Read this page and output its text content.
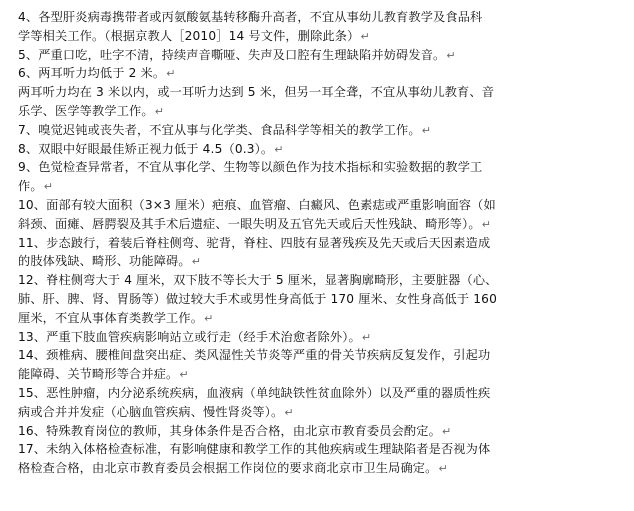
4、各型肝炎病毒携带者或丙氨酸氨基转移酶升高者，不宜从事幼儿教育教学及食品科
学等相关工作。（根据京教人［2010］14 号文件，删除此条）↵
5、严重口吃，吐字不清，持续声音嘶哑、失声及口腔有生理缺陷并妨碍发音。↵
6、两耳听力均低于 2 米。↵
两耳听力均在 3 米以内，或一耳听力达到 5 米，但另一耳全聋，不宜从事幼儿教育、音
乐学、医学等教学工作。↵
7、嗅觉迟钝或丧失者，不宜从事与化学类、食品科学等相关的教学工作。↵
8、双眼中好眼最佳矫正视力低于 4.5（0.3）。↵
9、色觉检查异常者，不宜从事化学、生物等以颜色作为技术指标和实验数据的教学工
作。↵
10、面部有较大面积（3×3 厘米）疤痕、血管瘤、白癜风、色素痣或严重影响面容（如
斜颈、面瘫、唇腭裂及其手术后遗症、一眼失明及五官先天或后天性残缺、畸形等）。↵
11、步态跛行，着装后脊柱侧弯、驼背，脊柱、四肢有显著残疾及先天或后天因素造成
的肢体残缺、畸形、功能障碍。↵
12、脊柱侧弯大于 4 厘米，双下肢不等长大于 5 厘米，显著胸廓畸形，主要脏器（心、
肺、肝、脾、肾、胃肠等）做过较大手术或男性身高低于 170 厘米、女性身高低于 160
厘米，不宜从事体育类教学工作。↵
13、严重下肢血管疾病影响站立或行走（经手术治愈者除外）。↵
14、颈椎病、腰椎间盘突出症、类风湿性关节炎等严重的骨关节疾病反复发作，引起功
能障碍、关节畸形等合并症。↵
15、恶性肿瘤，内分泌系统疾病，血液病（单纯缺铁性贫血除外）以及严重的器质性疾
病或合并并发症（心脑血管疾病、慢性肾炎等）。↵
16、特殊教育岗位的教师，其身体条件是否合格，由北京市教育委员会酌定。↵
17、未纳入体格检查标准，有影响健康和教学工作的其他疾病或生理缺陷者是否视为体
格检查合格，由北京市教育委员会根据工作岗位的要求商北京市卫生局确定。↵
